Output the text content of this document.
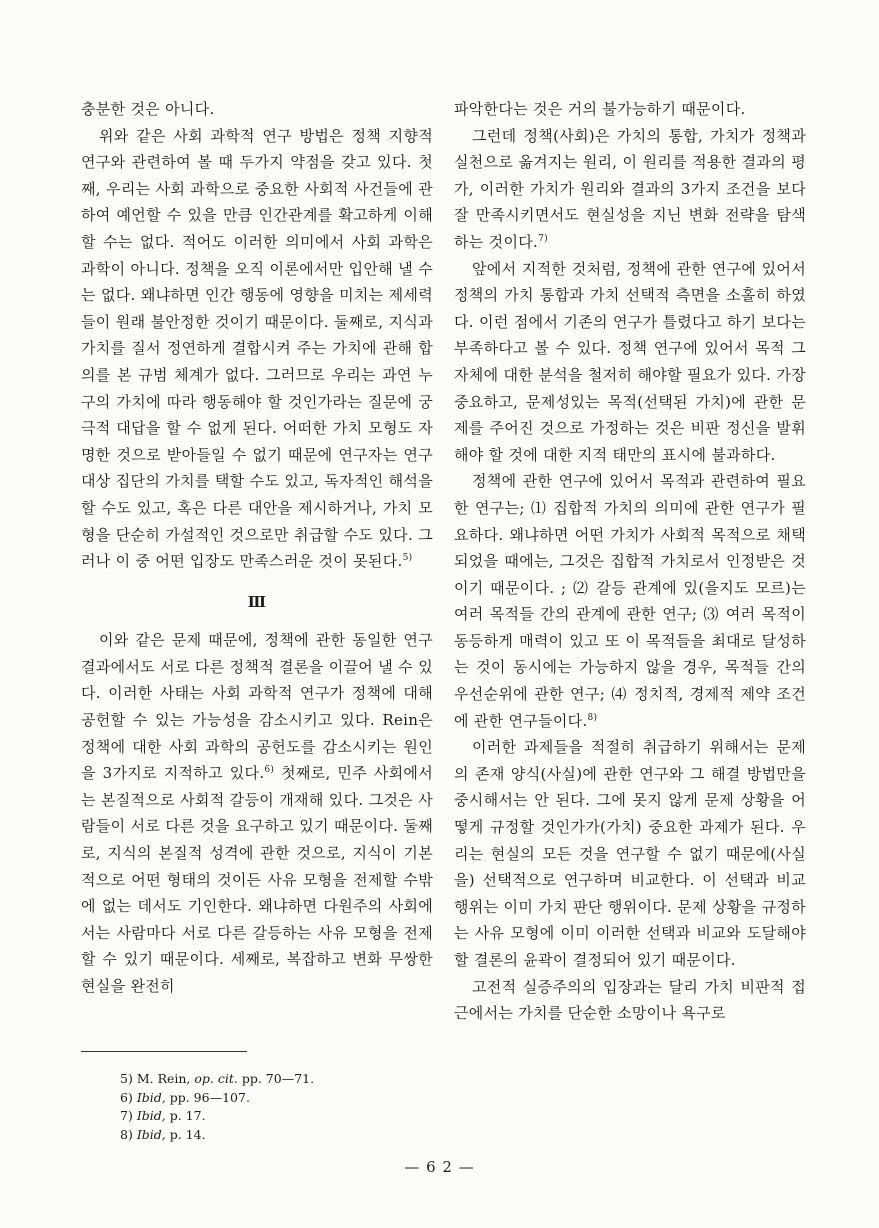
충분한 것은 아니다.

위와 같은 사회 과학적 연구 방법은 정책 지향적 연구와 관련하여 볼 때 두가지 약점을 갖고 있다. 첫째, 우리는 사회 과학으로 중요한 사회적 사건들에 관하여 예언할 수 있을 만큼 인간관계를 확고하게 이해할 수는 없다. 적어도 이러한 의미에서 사회 과학은 과학이 아니다. 정책을 오직 이론에서만 입안해 낼 수는 없다. 왜냐하면 인간 행동에 영향을 미치는 제세력들이 원래 불안정한 것이기 때문이다. 둘째로, 지식과 가치를 질서 정연하게 결합시켜 주는 가치에 관해 합의를 본 규범 체계가 없다. 그러므로 우리는 과연 누구의 가치에 따라 행동해야 할 것인가라는 질문에 궁극적 대답을 할 수 없게 된다. 어떠한 가치 모형도 자명한 것으로 받아들일 수 없기 때문에 연구자는 연구 대상 집단의 가치를 택할 수도 있고, 독자적인 해석을 할 수도 있고, 혹은 다른 대안을 제시하거나, 가치 모형을 단순히 가설적인 것으로만 취급할 수도 있다. 그러나 이 중 어떤 입장도 만족스러운 것이 못된다.$^{5)}$

Ⅲ

이와 같은 문제 때문에, 정책에 관한 동일한 연구 결과에서도 서로 다른 정책적 결론을 이끌어 낼 수 있다. 이러한 사태는 사회 과학적 연구가 정책에 대해 공헌할 수 있는 가능성을 감소시키고 있다. Rein은 정책에 대한 사회 과학의 공헌도를 감소시키는 원인을 3가지로 지적하고 있다.$^{6)}$ 첫째로, 민주 사회에서는 본질적으로 사회적 갈등이 개재해 있다. 그것은 사람들이 서로 다른 것을 요구하고 있기 때문이다. 둘째로, 지식의 본질적 성격에 관한 것으로, 지식이 기본적으로 어떤 형태의 것이든 사유 모형을 전제할 수밖에 없는 데서도 기인한다. 왜냐하면 다원주의 사회에서는 사람마다 서로 다른 갈등하는 사유 모형을 전제할 수 있기 때문이다. 세째로, 복잡하고 변화 무쌍한 현실을 완전히

파악한다는 것은 거의 불가능하기 때문이다.

그런데 정책(사회)은 가치의 통합, 가치가 정책과 실천으로 옮겨지는 원리, 이 원리를 적용한 결과의 평가, 이러한 가치가 원리와 결과의 3가지 조건을 보다 잘 만족시키면서도 현실성을 지닌 변화 전략을 탐색하는 것이다.$^{7)}$

앞에서 지적한 것처럼, 정책에 관한 연구에 있어서 정책의 가치 통합과 가치 선택적 측면을 소홀히 하였다. 이런 점에서 기존의 연구가 틀렸다고 하기 보다는 부족하다고 볼 수 있다. 정책 연구에 있어서 목적 그 자체에 대한 분석을 철저히 해야할 필요가 있다. 가장 중요하고, 문제성있는 목적(선택된 가치)에 관한 문제를 주어진 것으로 가정하는 것은 비판 정신을 발휘해야 할 것에 대한 지적 태만의 표시에 불과하다.

정책에 관한 연구에 있어서 목적과 관련하여 필요한 연구는; ⑴ 집합적 가치의 의미에 관한 연구가 필요하다. 왜냐하면 어떤 가치가 사회적 목적으로 채택되었을 때에는, 그것은 집합적 가치로서 인정받은 것이기 때문이다. ; ⑵ 갈등 관계에 있(을지도 모르)는 여러 목적들 간의 관계에 관한 연구; ⑶ 여러 목적이 동등하게 매력이 있고 또 이 목적들을 최대로 달성하는 것이 동시에는 가능하지 않을 경우, 목적들 간의 우선순위에 관한 연구; ⑷ 정치적, 경제적 제약 조건에 관한 연구들이다.$^{8)}$

이러한 과제들을 적절히 취급하기 위해서는 문제의 존재 양식(사실)에 관한 연구와 그 해결 방법만을 중시해서는 안 된다. 그에 못지 않게 문제 상황을 어떻게 규정할 것인가가(가치) 중요한 과제가 된다. 우리는 현실의 모든 것을 연구할 수 없기 때문에(사실을) 선택적으로 연구하며 비교한다. 이 선택과 비교 행위는 이미 가치 판단 행위이다. 문제 상황을 규정하는 사유 모형에 이미 이러한 선택과 비교와 도달해야 할 결론의 윤곽이 결정되어 있기 때문이다.

고전적 실증주의의 입장과는 달리 가치 비판적 접근에서는 가치를 단순한 소망이나 욕구로

5) M. Rein, op. cit. pp. 70—71.
6) Ibid, pp. 96—107.
7) Ibid, p. 17.
8) Ibid, p. 14.
— 6 2 —
